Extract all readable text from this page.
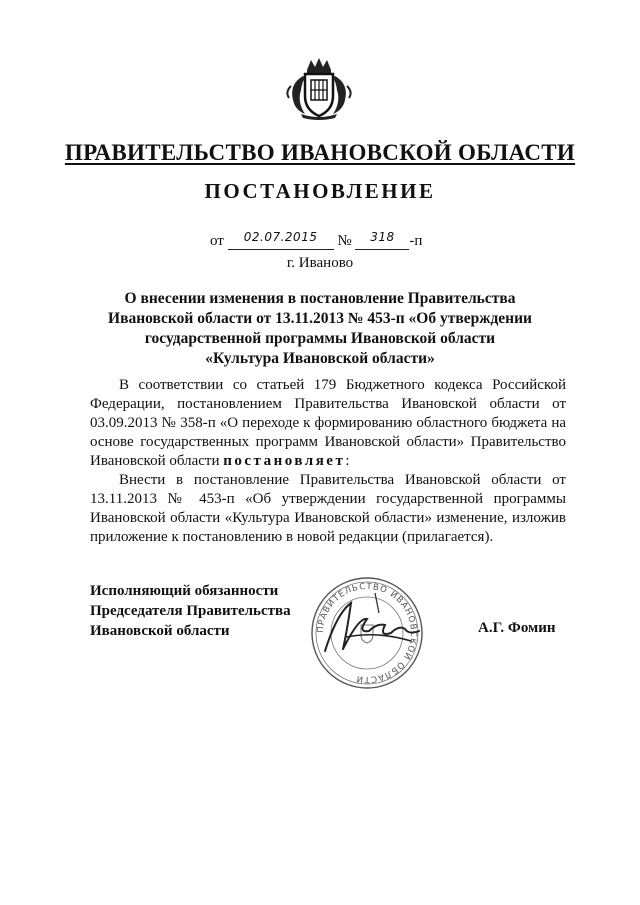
ПРАВИТЕЛЬСТВО ИВАНОВСКОЙ ОБЛАСТИ
ПОСТАНОВЛЕНИЕ
от $^{02.07.2015}$ № $^{318}$ -п
г. Иваново
О внесении изменения в постановление Правительства
Ивановской области от 13.11.2013 № 453-п «Об утверждении
государственной программы Ивановской области
«Культура Ивановской области»

В соответствии со статьей 179 Бюджетного кодекса Российской Федерации, постановлением Правительства Ивановской области от 03.09.2013 № 358-п «О переходе к формированию областного бюджета на основе государственных программ Ивановской области» Правительство Ивановской области постановляет:

Внести в постановление Правительства Ивановской области от 13.11.2013 № 453-п «Об утверждении государственной программы Ивановской области «Культура Ивановской области» изменение, изложив приложение к постановлению в новой редакции (прилагается).

Исполняющий обязанности
Председателя Правительства
Ивановской области	ПРАВИТЕЛЬСТВО ИВАНОВСКОЙ ОБЛАСТИ
А.Г. Фомин
